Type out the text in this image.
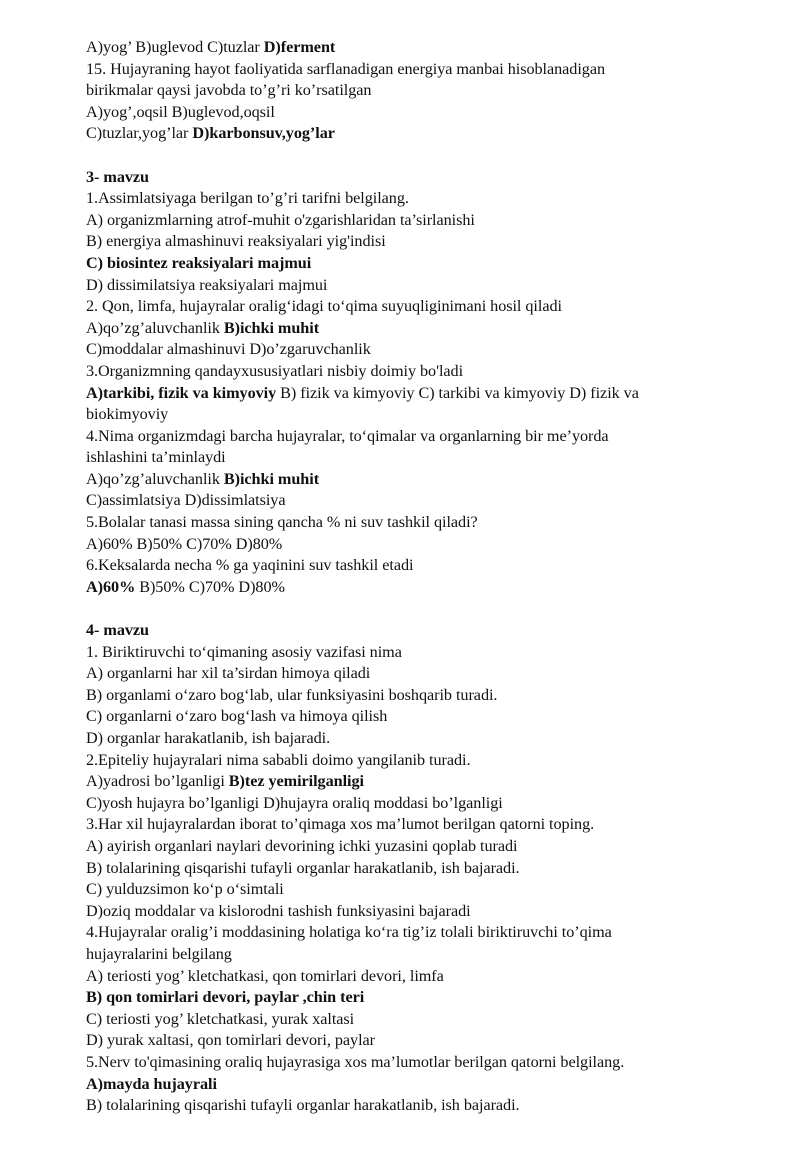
A)yog’ B)uglevod C)tuzlar D)ferment
15. Hujayraning hayot faoliyatida sarflanadigan energiya manbai hisoblanadigan
birikmalar qaysi javobda to’g’ri ko’rsatilgan
A)yog’,oqsil B)uglevod,oqsil
C)tuzlar,yog’lar D)karbonsuv,yog’lar
3- mavzu
1.Assimlatsiyaga berilgan to’g’ri tarifni belgilang.
A) organizmlarning atrof-muhit o'zgarishlaridan ta’sirlanishi
B) energiya almashinuvi reaksiyalari yig'indisi
C) biosintez reaksiyalari majmui
D) dissimilatsiya reaksiyalari majmui
2. Qon, limfa, hujayralar oralig‘idagi to‘qima suyuqliginimani hosil qiladi
A)qo’zg’aluvchanlik B)ichki muhit
C)moddalar almashinuvi D)o’zgaruvchanlik
3.Organizmning qandayxususiyatlari nisbiy doimiy bo'ladi
A)tarkibi, fizik va kimyoviy B) fizik va kimyoviy C) tarkibi va kimyoviy D) fizik va
biokimyoviy
4.Nima organizmdagi barcha hujayralar, to‘qimalar va organlarning bir me’yorda
ishlashini ta’minlaydi
A)qo’zg’aluvchanlik B)ichki muhit
C)assimlatsiya D)dissimlatsiya
5.Bolalar tanasi massa sining qancha % ni suv tashkil qiladi?
A)60% B)50% C)70% D)80%
6.Keksalarda necha % ga yaqinini suv tashkil etadi
A)60% B)50% C)70% D)80%
4- mavzu
1. Biriktiruvchi to‘qimaning asosiy vazifasi nima
A) organlarni har xil ta’sirdan himoya qiladi
B) organlami o‘zaro bog‘lab, ular funksiyasini boshqarib turadi.
C) organlarni o‘zaro bog‘lash va himoya qilish
D) organlar harakatlanib, ish bajaradi.
2.Epiteliy hujayralari nima sababli doimo yangilanib turadi.
A)yadrosi bo’lganligi B)tez yemirilganligi
C)yosh hujayra bo’lganligi D)hujayra oraliq moddasi bo’lganligi
3.Har xil hujayralardan iborat to’qimaga xos ma’lumot berilgan qatorni toping.
A) ayirish organlari naylari devorining ichki yuzasini qoplab turadi
B) tolalarining qisqarishi tufayli organlar harakatlanib, ish bajaradi.
C) yulduzsimon ko‘p o‘simtali
D)oziq moddalar va kislorodni tashish funksiyasini bajaradi
4.Hujayralar oralig’i moddasining holatiga ko‘ra tig’iz tolali biriktiruvchi to’qima
hujayralarini belgilang
A) teriosti yog’ kletchatkasi, qon tomirlari devori, limfa
B) qon tomirlari devori, paylar ,chin teri
C) teriosti yog’ kletchatkasi, yurak xaltasi
D) yurak xaltasi, qon tomirlari devori, paylar
5.Nerv to'qimasining oraliq hujayrasiga xos ma’lumotlar berilgan qatorni belgilang.
A)mayda hujayrali
B) tolalarining qisqarishi tufayli organlar harakatlanib, ish bajaradi.
